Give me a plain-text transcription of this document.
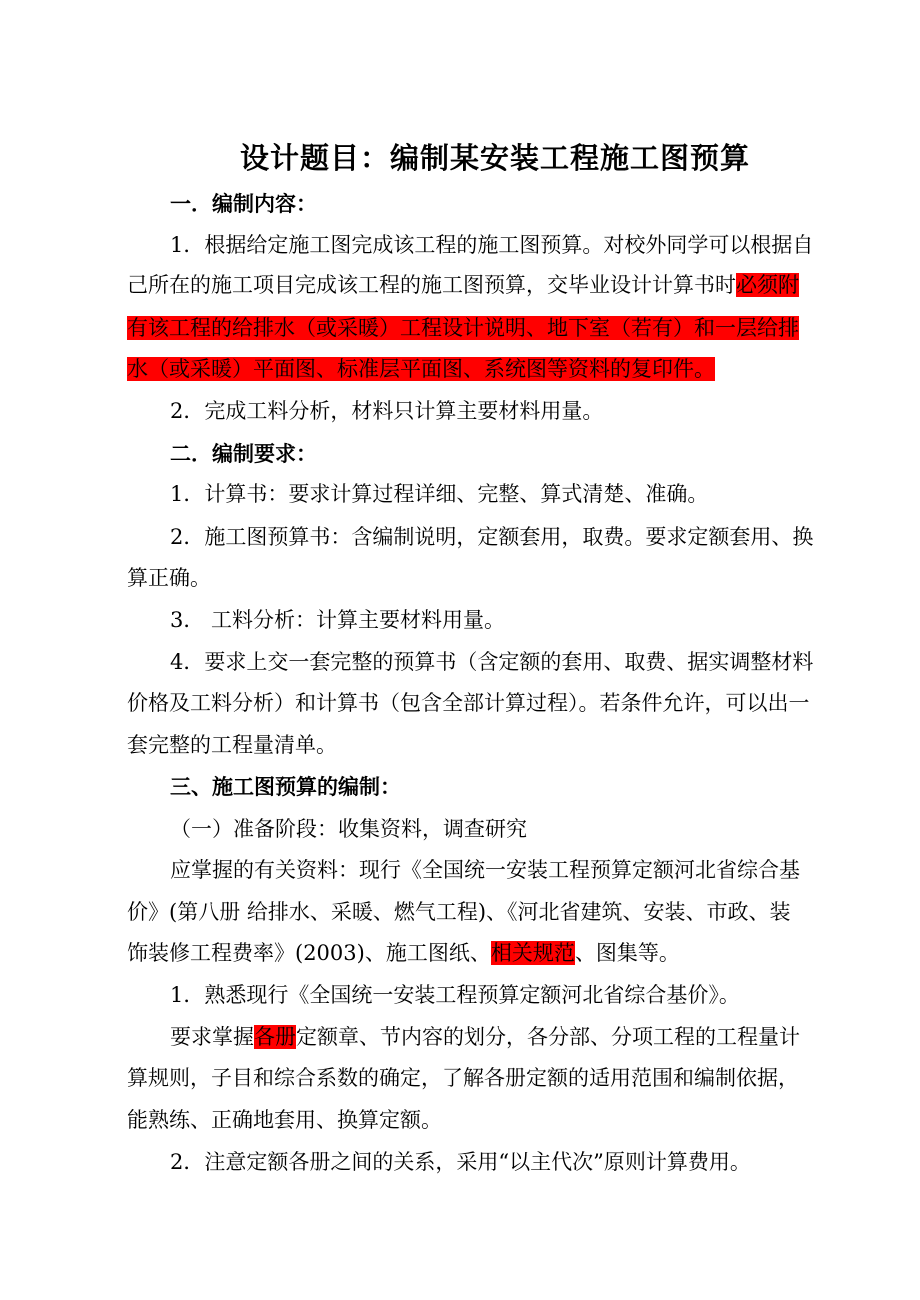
设计题目：编制某安装工程施工图预算
一．编制内容：
1．根据给定施工图完成该工程的施工图预算。对校外同学可以根据自
己所在的施工项目完成该工程的施工图预算，交毕业设计计算书时必须附
有该工程的给排水（或采暖）工程设计说明、地下室（若有）和一层给排
水（或采暖）平面图、标准层平面图、系统图等资料的复印件。
2．完成工料分析，材料只计算主要材料用量。
二．编制要求：
1．计算书：要求计算过程详细、完整、算式清楚、准确。
2．施工图预算书：含编制说明，定额套用，取费。要求定额套用、换
算正确。
3． 工料分析：计算主要材料用量。
4．要求上交一套完整的预算书（含定额的套用、取费、据实调整材料
价格及工料分析）和计算书（包含全部计算过程）。若条件允许，可以出一
套完整的工程量清单。
三、施工图预算的编制：
（一）准备阶段：收集资料，调查研究
应掌握的有关资料：现行《全国统一安装工程预算定额河北省综合基
价》(第八册 给排水、采暖、燃气工程)、《河北省建筑、安装、市政、装
饰装修工程费率》(2003)、施工图纸、相关规范、图集等。
1．熟悉现行《全国统一安装工程预算定额河北省综合基价》。
要求掌握各册定额章、节内容的划分，各分部、分项工程的工程量计
算规则，子目和综合系数的确定，了解各册定额的适用范围和编制依据，
能熟练、正确地套用、换算定额。
2．注意定额各册之间的关系，采用“以主代次”原则计算费用。
